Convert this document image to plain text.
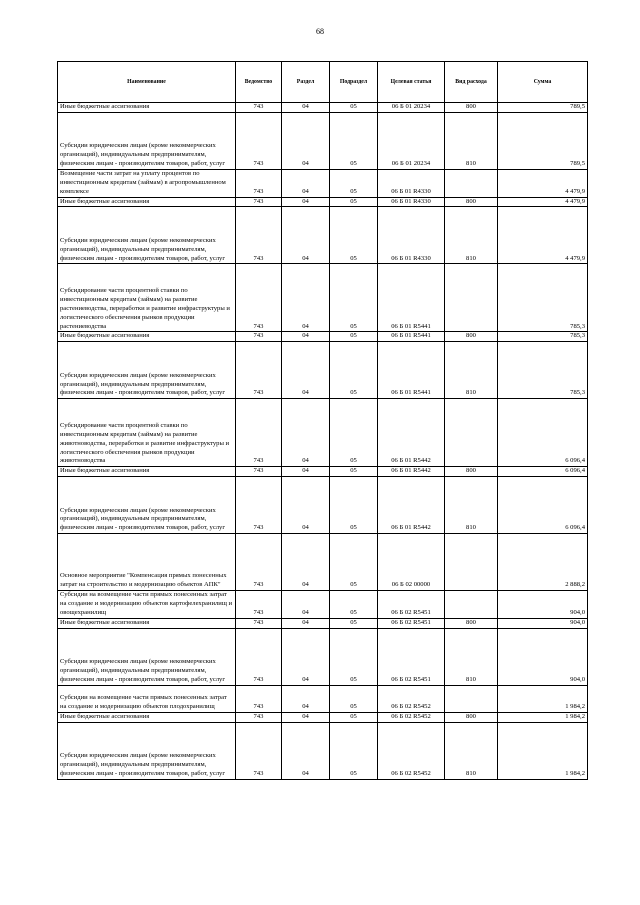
68
Наименование	Ведомство	Раздел	Подраздел	Целевая статья	Вид расхода	Сумма
Иные бюджетные ассигнования	743	04	05	06 Б 01 20234	800	789,5
Субсидии юридическим лицам (кроме некоммерческих организаций), индивидуальным предпринимателям, физическим лицам - производителям товаров, работ, услуг	743	04	05	06 Б 01 20234	810	789,5
Возмещение части затрат на уплату процентов по инвестиционным кредитам (займам) в агропромышленном комплексе	743	04	05	06 Б 01 R4330		4 479,9
Иные бюджетные ассигнования	743	04	05	06 Б 01 R4330	800	4 479,9
Субсидии юридическим лицам (кроме некоммерческих организаций), индивидуальным предпринимателям, физическим лицам - производителям товаров, работ, услуг	743	04	05	06 Б 01 R4330	810	4 479,9
Субсидирование части процентной ставки по инвестиционным кредитам (займам) на развитие растениеводства, переработки и развитие инфраструктуры и логистического обеспечения рынков продукции растениеводства	743	04	05	06 Б 01 R5441		785,3
Иные бюджетные ассигнования	743	04	05	06 Б 01 R5441	800	785,3
Субсидии юридическим лицам (кроме некоммерческих организаций), индивидуальным предпринимателям, физическим лицам - производителям товаров, работ, услуг	743	04	05	06 Б 01 R5441	810	785,3
Субсидирование части процентной ставки по инвестиционным кредитам (займам) на развитие животноводства, переработки и развитие инфраструктуры и логистического обеспечения рынков продукции животноводства	743	04	05	06 Б 01 R5442		6 096,4
Иные бюджетные ассигнования	743	04	05	06 Б 01 R5442	800	6 096,4
Субсидии юридическим лицам (кроме некоммерческих организаций), индивидуальным предпринимателям, физическим лицам - производителям товаров, работ, услуг	743	04	05	06 Б 01 R5442	810	6 096,4
Основное мероприятие "Компенсация прямых понесенных затрат на строительство и модернизацию объектов АПК"	743	04	05	06 Б 02 00000		2 888,2
Субсидии на возмещение части прямых понесенных затрат на создание и модернизацию объектов картофелехранилищ и овощехранилищ	743	04	05	06 Б 02 R5451		904,0
Иные бюджетные ассигнования	743	04	05	06 Б 02 R5451	800	904,0
Субсидии юридическим лицам (кроме некоммерческих организаций), индивидуальным предпринимателям, физическим лицам - производителям товаров, работ, услуг	743	04	05	06 Б 02 R5451	810	904,0
Субсидии на возмещение части прямых понесенных затрат на создание и модернизацию объектов плодохранилищ	743	04	05	06 Б 02 R5452		1 984,2
Иные бюджетные ассигнования	743	04	05	06 Б 02 R5452	800	1 984,2
Субсидии юридическим лицам (кроме некоммерческих организаций), индивидуальным предпринимателям, физическим лицам - производителям товаров, работ, услуг	743	04	05	06 Б 02 R5452	810	1 984,2
